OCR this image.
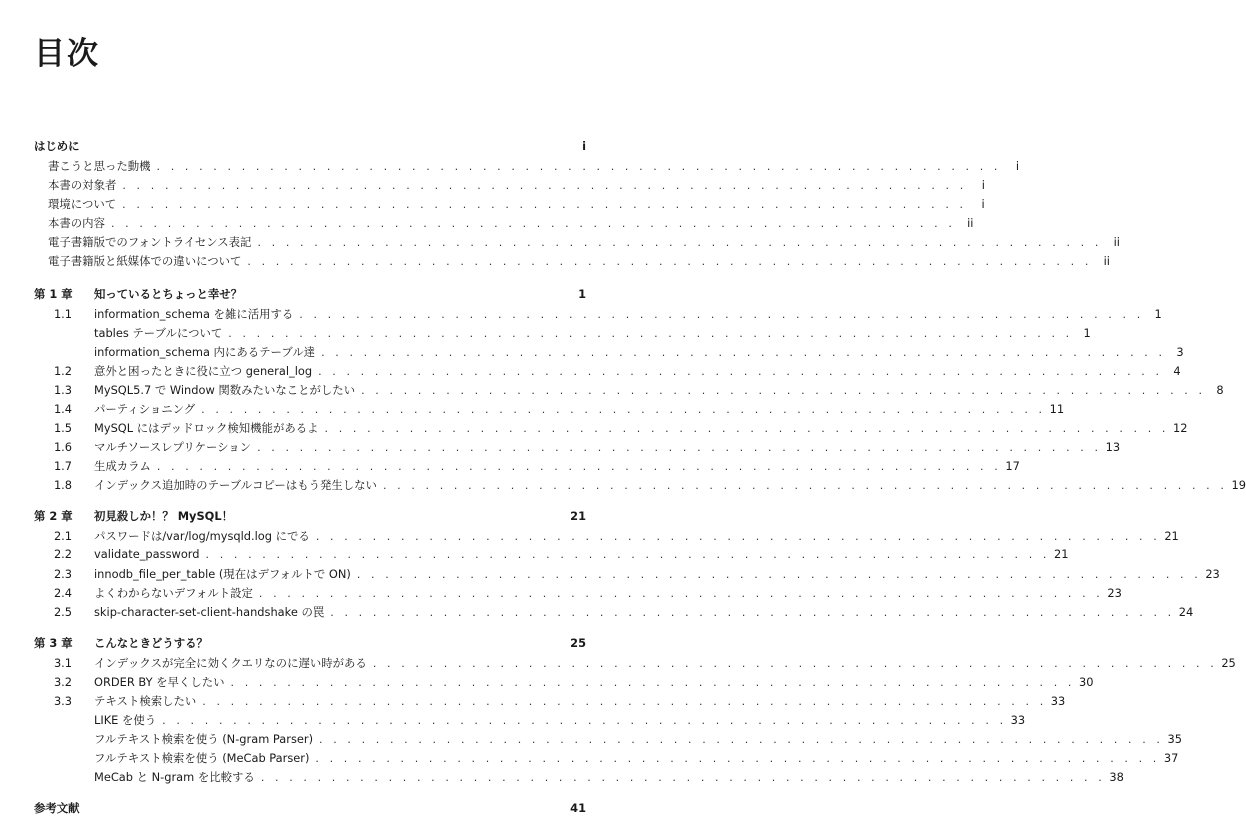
目次
はじめに	i
書こうと思った動機 . . . . . . . . . . . . . . . . . . . . . . . . . . . . . . . . . . . . . . . . . . . . . . . . . . . . . . . . . . . .	i
本書の対象者 . . . . . . . . . . . . . . . . . . . . . . . . . . . . . . . . . . . . . . . . . . . . . . . . . . . . . . . . . . . .	i
環境について . . . . . . . . . . . . . . . . . . . . . . . . . . . . . . . . . . . . . . . . . . . . . . . . . . . . . . . . . . . .	i
本書の内容 . . . . . . . . . . . . . . . . . . . . . . . . . . . . . . . . . . . . . . . . . . . . . . . . . . . . . . . . . . . .	ii
電子書籍版でのフォントライセンス表記 . . . . . . . . . . . . . . . . . . . . . . . . . . . . . . . . . . . . . . . . . . . . . . . . . . . . . . . . . . . .	ii
電子書籍版と紙媒体での違いについて . . . . . . . . . . . . . . . . . . . . . . . . . . . . . . . . . . . . . . . . . . . . . . . . . . . . . . . . . . . .	ii
第 1 章	知っているとちょっと幸せ？	1
1.1	information_schema を雑に活用する . . . . . . . . . . . . . . . . . . . . . . . . . . . . . . . . . . . . . . . . . . . . . . . . . . . . . . . . . . . . 1
tables テーブルについて . . . . . . . . . . . . . . . . . . . . . . . . . . . . . . . . . . . . . . . . . . . . . . . . . . . . . . . . . . . . 1
information_schema 内にあるテーブル達 . . . . . . . . . . . . . . . . . . . . . . . . . . . . . . . . . . . . . . . . . . . . . . . . . . . . . . . . . . . . 3
1.2	意外と困ったときに役に立つ general_log . . . . . . . . . . . . . . . . . . . . . . . . . . . . . . . . . . . . . . . . . . . . . . . . . . . . . . . . . . . . 4
1.3	MySQL5.7 で Window 関数みたいなことがしたい . . . . . . . . . . . . . . . . . . . . . . . . . . . . . . . . . . . . . . . . . . . . . . . . . . . . . . . . . . . . 8
1.4	パーティショニング . . . . . . . . . . . . . . . . . . . . . . . . . . . . . . . . . . . . . . . . . . . . . . . . . . . . . . . . . . . . 11
1.5	MySQL にはデッドロック検知機能があるよ . . . . . . . . . . . . . . . . . . . . . . . . . . . . . . . . . . . . . . . . . . . . . . . . . . . . . . . . . . . . 12
1.6	マルチソースレプリケーション . . . . . . . . . . . . . . . . . . . . . . . . . . . . . . . . . . . . . . . . . . . . . . . . . . . . . . . . . . . . 13
1.7	生成カラム . . . . . . . . . . . . . . . . . . . . . . . . . . . . . . . . . . . . . . . . . . . . . . . . . . . . . . . . . . . . 17
1.8	インデックス追加時のテーブルコピーはもう発生しない . . . . . . . . . . . . . . . . . . . . . . . . . . . . . . . . . . . . . . . . . . . . . . . . . . . . . . . . . . . . 19
第 2 章	初見殺しか！？ MySQL！	21
2.1	パスワードは/var/log/mysqld.log にでる . . . . . . . . . . . . . . . . . . . . . . . . . . . . . . . . . . . . . . . . . . . . . . . . . . . . . . . . . . . . 21
2.2	validate_password . . . . . . . . . . . . . . . . . . . . . . . . . . . . . . . . . . . . . . . . . . . . . . . . . . . . . . . . . . . . 21
2.3	innodb_file_per_table (現在はデフォルトで ON) . . . . . . . . . . . . . . . . . . . . . . . . . . . . . . . . . . . . . . . . . . . . . . . . . . . . . . . . . . . . 23
2.4	よくわからないデフォルト設定 . . . . . . . . . . . . . . . . . . . . . . . . . . . . . . . . . . . . . . . . . . . . . . . . . . . . . . . . . . . . 23
2.5	skip-character-set-client-handshake の罠 . . . . . . . . . . . . . . . . . . . . . . . . . . . . . . . . . . . . . . . . . . . . . . . . . . . . . . . . . . . . 24
第 3 章	こんなときどうする？	25
3.1	インデックスが完全に効くクエリなのに遅い時がある . . . . . . . . . . . . . . . . . . . . . . . . . . . . . . . . . . . . . . . . . . . . . . . . . . . . . . . . . . . . 25
3.2	ORDER BY を早くしたい . . . . . . . . . . . . . . . . . . . . . . . . . . . . . . . . . . . . . . . . . . . . . . . . . . . . . . . . . . . . 30
3.3	テキスト検索したい . . . . . . . . . . . . . . . . . . . . . . . . . . . . . . . . . . . . . . . . . . . . . . . . . . . . . . . . . . . . 33
LIKE を使う . . . . . . . . . . . . . . . . . . . . . . . . . . . . . . . . . . . . . . . . . . . . . . . . . . . . . . . . . . . . 33
フルテキスト検索を使う (N-gram Parser) . . . . . . . . . . . . . . . . . . . . . . . . . . . . . . . . . . . . . . . . . . . . . . . . . . . . . . . . . . . . 35
フルテキスト検索を使う (MeCab Parser) . . . . . . . . . . . . . . . . . . . . . . . . . . . . . . . . . . . . . . . . . . . . . . . . . . . . . . . . . . . . 37
MeCab と N-gram を比較する . . . . . . . . . . . . . . . . . . . . . . . . . . . . . . . . . . . . . . . . . . . . . . . . . . . . . . . . . . . . 38
参考文献	41
